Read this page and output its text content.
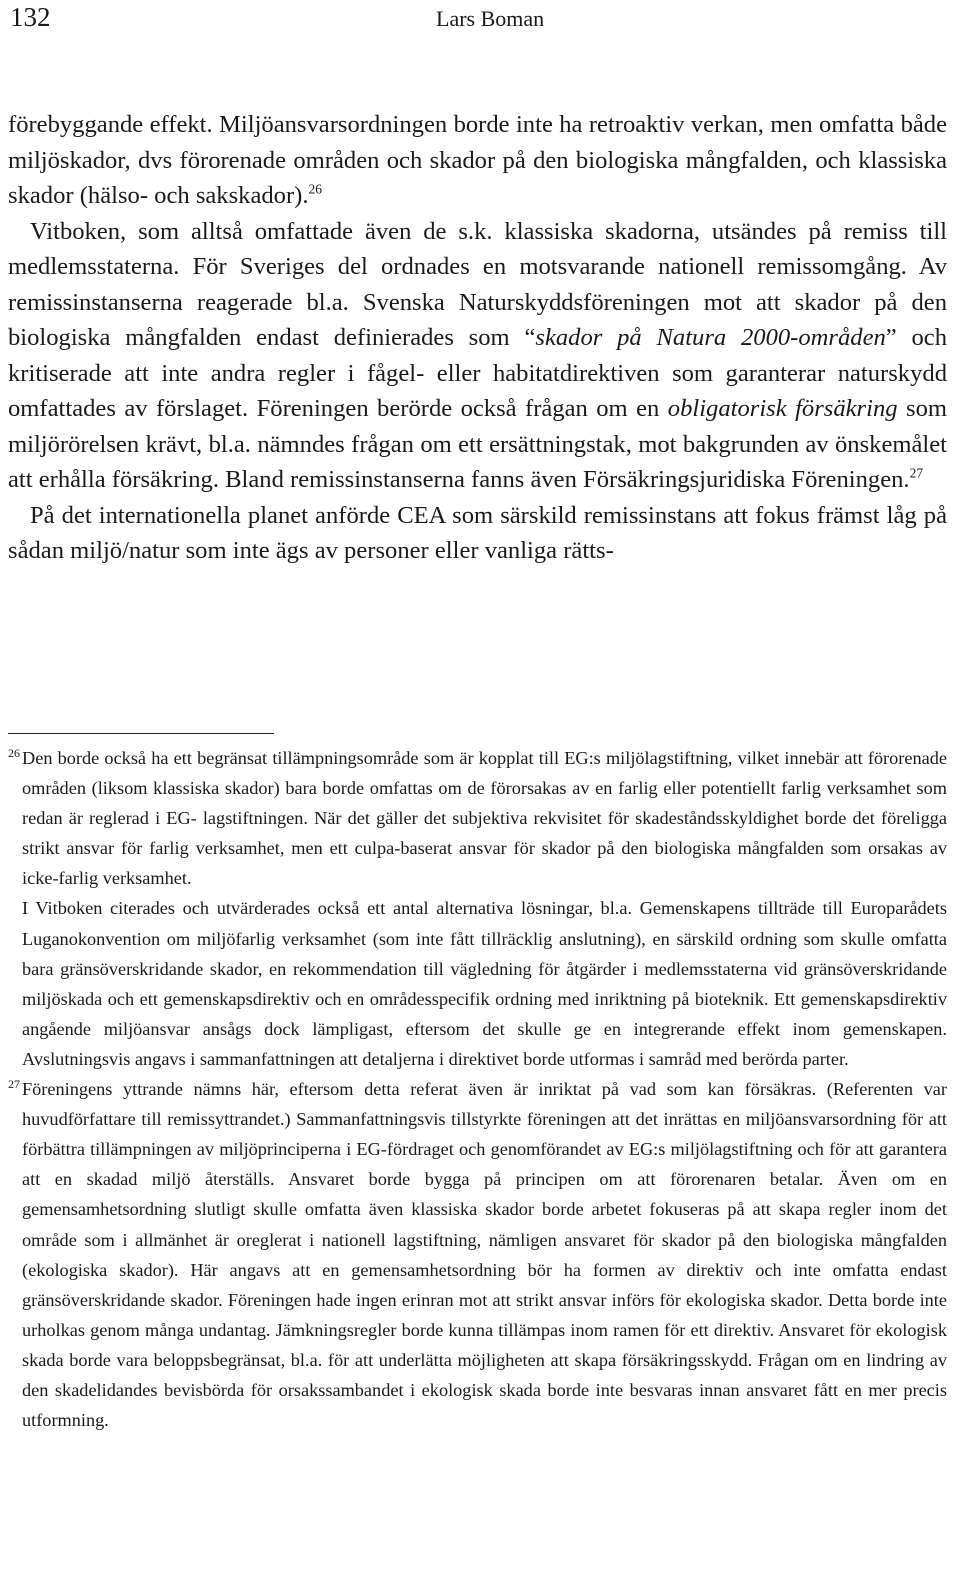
132	Lars Boman

förebyggande effekt. Miljöansvarsordningen borde inte ha retroaktiv verkan, men omfatta både miljöskador, dvs förorenade områden och skador på den biologiska mångfalden, och klassiska skador (hälso- och sakskador).$^{26}$

Vitboken, som alltså omfattade även de s.k. klassiska skadorna, utsändes på remiss till medlemsstaterna. För Sveriges del ordnades en motsvarande nationell remissomgång. Av remissinstanserna reagerade bl.a. Svenska Naturskyddsföreningen mot att skador på den biologiska mångfalden endast definierades som “skador på Natura 2000-områden” och kritiserade att inte andra regler i fågel- eller habitatdirektiven som garanterar naturskydd omfattades av förslaget. Föreningen berörde också frågan om en obligatorisk försäkring som miljörörelsen krävt, bl.a. nämndes frågan om ett ersättningstak, mot bakgrunden av önskemålet att erhålla försäkring. Bland remissinstanserna fanns även Försäkringsjuridiska Föreningen.$^{27}$

På det internationella planet anförde CEA som särskild remissinstans att fokus främst låg på sådan miljö/natur som inte ägs av personer eller vanliga rätts-

26 Den borde också ha ett begränsat tillämpningsområde som är kopplat till EG:s miljölagstiftning, vilket innebär att förorenade områden (liksom klassiska skador) bara borde omfattas om de förorsakas av en farlig eller potentiellt farlig verksamhet som redan är reglerad i EG- lagstiftningen. När det gäller det subjektiva rekvisitet för skadeståndsskyldighet borde det föreligga strikt ansvar för farlig verksamhet, men ett culpa-baserat ansvar för skador på den biologiska mångfalden som orsakas av icke-farlig verksamhet.

I Vitboken citerades och utvärderades också ett antal alternativa lösningar, bl.a. Gemenskapens tillträde till Europarådets Luganokonvention om miljöfarlig verksamhet (som inte fått tillräcklig anslutning), en särskild ordning som skulle omfatta bara gränsöverskridande skador, en rekommendation till vägledning för åtgärder i medlemsstaterna vid gränsöverskridande miljöskada och ett gemenskapsdirektiv och en områdesspecifik ordning med inriktning på bioteknik. Ett gemenskapsdirektiv angående miljöansvar ansågs dock lämpligast, eftersom det skulle ge en integrerande effekt inom gemenskapen. Avslutningsvis angavs i sammanfattningen att detaljerna i direktivet borde utformas i samråd med berörda parter.

27 Föreningens yttrande nämns här, eftersom detta referat även är inriktat på vad som kan försäkras. (Referenten var huvudförfattare till remissyttrandet.) Sammanfattningsvis tillstyrkte föreningen att det inrättas en miljöansvarsordning för att förbättra tillämpningen av miljöprinciperna i EG-fördraget och genomförandet av EG:s miljölagstiftning och för att garantera att en skadad miljö återställs. Ansvaret borde bygga på principen om att förorenaren betalar. Även om en gemensamhetsordning slutligt skulle omfatta även klassiska skador borde arbetet fokuseras på att skapa regler inom det område som i allmänhet är oreglerat i nationell lagstiftning, nämligen ansvaret för skador på den biologiska mångfalden (ekologiska skador). Här angavs att en gemensamhetsordning bör ha formen av direktiv och inte omfatta endast gränsöverskridande skador. Föreningen hade ingen erinran mot att strikt ansvar införs för ekologiska skador. Detta borde inte urholkas genom många undantag. Jämkningsregler borde kunna tillämpas inom ramen för ett direktiv. Ansvaret för ekologisk skada borde vara beloppsbegränsat, bl.a. för att underlätta möjligheten att skapa försäkringsskydd. Frågan om en lindring av den skadelidandes bevisbörda för orsakssambandet i ekologisk skada borde inte besvaras innan ansvaret fått en mer precis utformning.
